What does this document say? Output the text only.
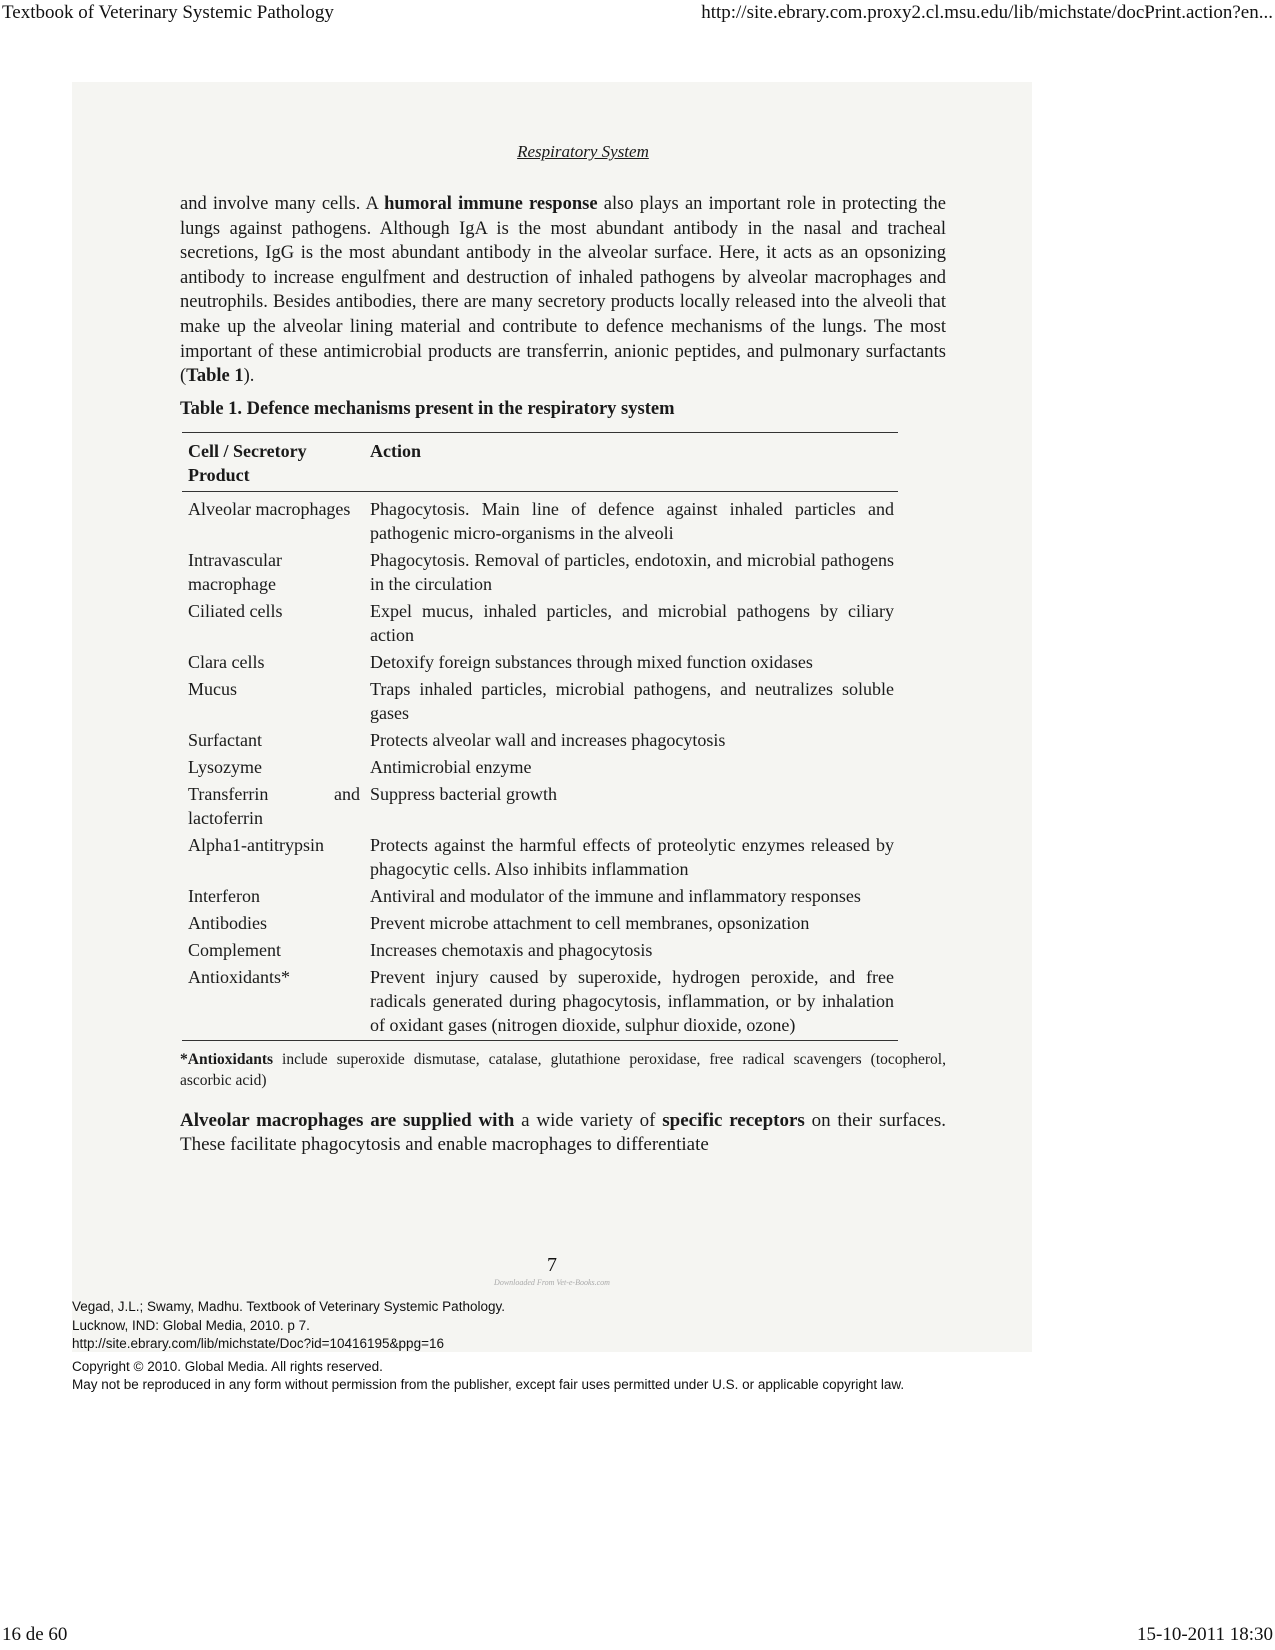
Textbook of Veterinary Systemic Pathology	http://site.ebrary.com.proxy2.cl.msu.edu/lib/michstate/docPrint.action?en...
Respiratory System

and involve many cells. A humoral immune response also plays an important role in protecting the lungs against pathogens. Although IgA is the most abundant antibody in the nasal and tracheal secretions, IgG is the most abundant antibody in the alveolar surface. Here, it acts as an opsonizing antibody to increase engulfment and destruction of inhaled pathogens by alveolar macrophages and neutrophils. Besides antibodies, there are many secretory products locally released into the alveoli that make up the alveolar lining material and contribute to defence mechanisms of the lungs. The most important of these antimicrobial products are transferrin, anionic peptides, and pulmonary surfactants (Table 1).

Table 1. Defence mechanisms present in the respiratory system
Cell / Secretory Product	Action
Alveolar macrophages	Phagocytosis. Main line of defence against inhaled particles and pathogenic micro-organisms in the alveoli
Intravascular macrophage	Phagocytosis. Removal of particles, endotoxin, and microbial pathogens in the circulation
Ciliated cells	Expel mucus, inhaled particles, and microbial pathogens by ciliary action
Clara cells	Detoxify foreign substances through mixed function oxidases
Mucus	Traps inhaled particles, microbial pathogens, and neutralizes soluble gases
Surfactant	Protects alveolar wall and increases phagocytosis
Lysozyme	Antimicrobial enzyme
Transferrin and lactoferrin	Suppress bacterial growth
Alpha1-antitrypsin	Protects against the harmful effects of proteolytic enzymes released by phagocytic cells. Also inhibits inflammation
Interferon	Antiviral and modulator of the immune and inflammatory responses
Antibodies	Prevent microbe attachment to cell membranes, opsonization
Complement	Increases chemotaxis and phagocytosis
Antioxidants*	Prevent injury caused by superoxide, hydrogen peroxide, and free radicals generated during phagocytosis, inflammation, or by inhalation of oxidant gases (nitrogen dioxide, sulphur dioxide, ozone)

*Antioxidants include superoxide dismutase, catalase, glutathione peroxidase, free radical scavengers (tocopherol, ascorbic acid)

Alveolar macrophages are supplied with a wide variety of specific receptors on their surfaces. These facilitate phagocytosis and enable macrophages to differentiate

7
Downloaded From Vet-e-Books.com
Vegad, J.L.; Swamy, Madhu. Textbook of Veterinary Systemic Pathology.
Lucknow, IND: Global Media, 2010. p 7.
http://site.ebrary.com/lib/michstate/Doc?id=10416195&ppg=16
Copyright © 2010. Global Media. All rights reserved.
May not be reproduced in any form without permission from the publisher, except fair uses permitted under U.S. or applicable copyright law.
16 de 60	15-10-2011 18:30
